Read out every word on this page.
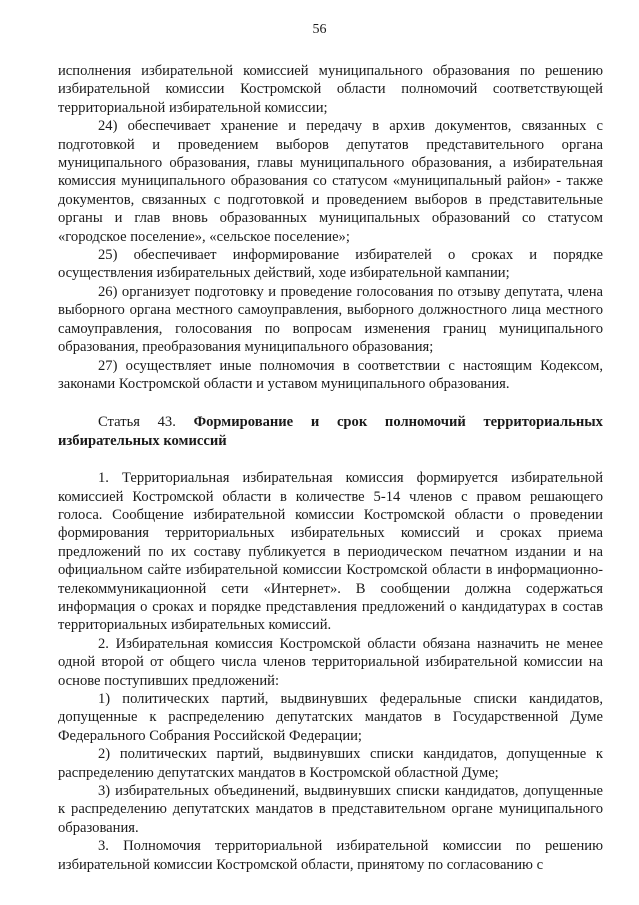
56

исполнения избирательной комиссией муниципального образования по решению избирательной комиссии Костромской области полномочий соответствующей территориальной избирательной комиссии;

24) обеспечивает хранение и передачу в архив документов, связанных с подготовкой и проведением выборов депутатов представительного органа муниципального образования, главы муниципального образования, а избирательная комиссия муниципального образования со статусом «муниципальный район» - также документов, связанных с подготовкой и проведением выборов в представительные органы и глав вновь образованных муниципальных образований со статусом «городское поселение», «сельское поселение»;

25) обеспечивает информирование избирателей о сроках и порядке осуществления избирательных действий, ходе избирательной кампании;

26) организует подготовку и проведение голосования по отзыву депутата, члена выборного органа местного самоуправления, выборного должностного лица местного самоуправления, голосования по вопросам изменения границ муниципального образования, преобразования муниципального образования;

27) осуществляет иные полномочия в соответствии с настоящим Кодексом, законами Костромской области и уставом муниципального образования.

Статья 43. Формирование и срок полномочий территориальных избирательных комиссий

1. Территориальная избирательная комиссия формируется избирательной комиссией Костромской области в количестве 5-14 членов с правом решающего голоса. Сообщение избирательной комиссии Костромской области о проведении формирования территориальных избирательных комиссий и сроках приема предложений по их составу публикуется в периодическом печатном издании и на официальном сайте избирательной комиссии Костромской области в информационно-телекоммуникационной сети «Интернет». В сообщении должна содержаться информация о сроках и порядке представления предложений о кандидатурах в состав территориальных избирательных комиссий.

2. Избирательная комиссия Костромской области обязана назначить не менее одной второй от общего числа членов территориальной избирательной комиссии на основе поступивших предложений:

1) политических партий, выдвинувших федеральные списки кандидатов, допущенные к распределению депутатских мандатов в Государственной Думе Федерального Собрания Российской Федерации;

2) политических партий, выдвинувших списки кандидатов, допущенные к распределению депутатских мандатов в Костромской областной Думе;

3) избирательных объединений, выдвинувших списки кандидатов, допущенные к распределению депутатских мандатов в представительном органе муниципального образования.

3. Полномочия территориальной избирательной комиссии по решению избирательной комиссии Костромской области, принятому по согласованию с
